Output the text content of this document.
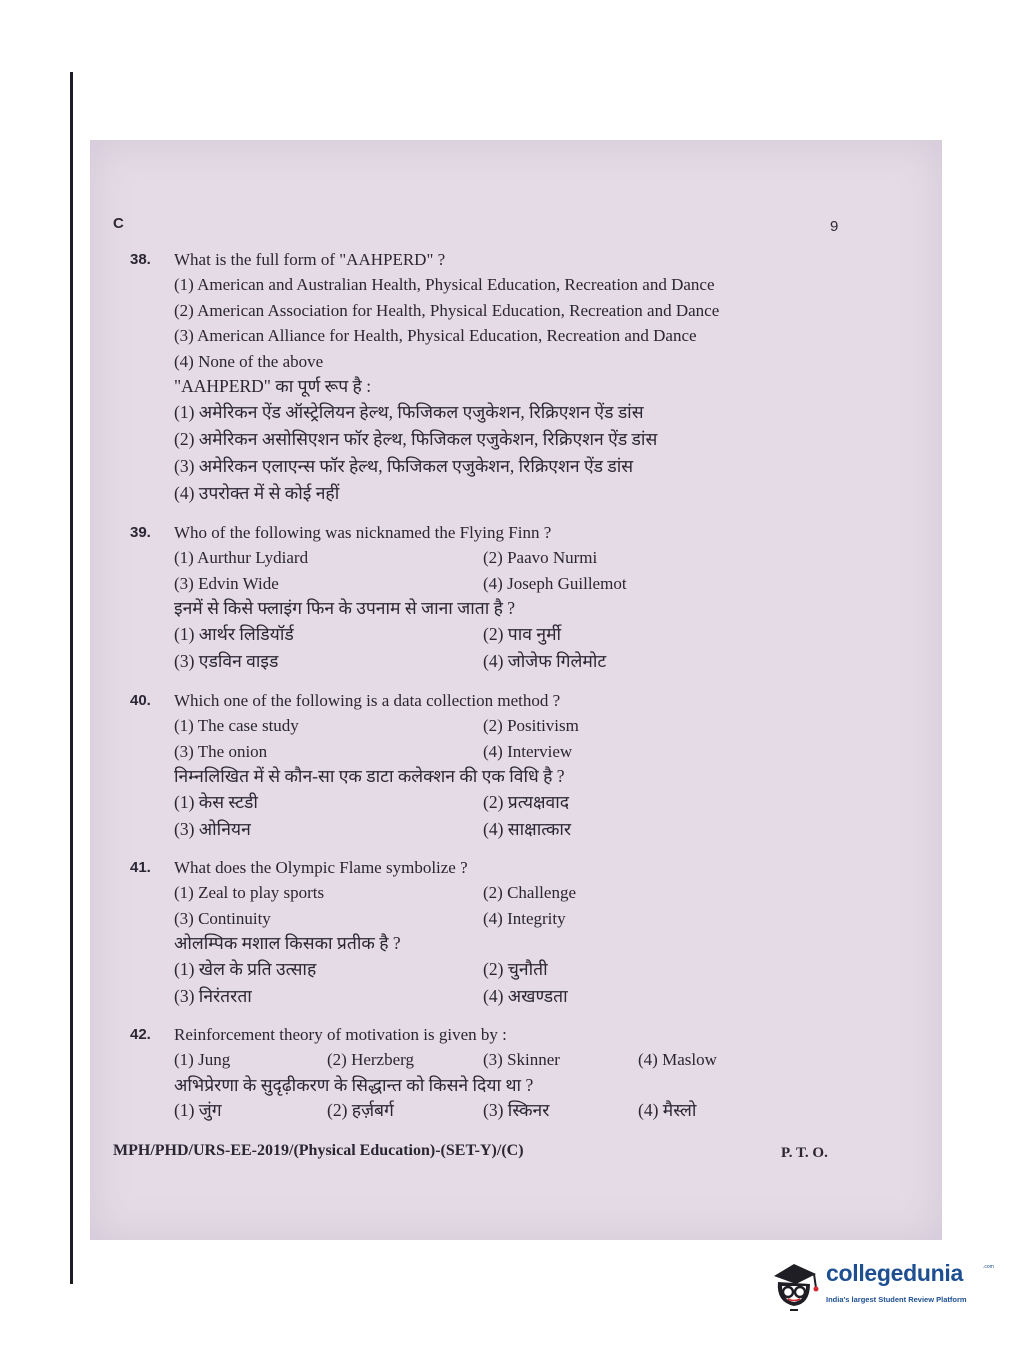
C	9
38.	What is the full form of "AAHPERD" ?
(1) American and Australian Health, Physical Education, Recreation and Dance
(2) American Association for Health, Physical Education, Recreation and Dance
(3) American Alliance for Health, Physical Education, Recreation and Dance
(4) None of the above
"AAHPERD" का पूर्ण रूप है :
(1) अमेरिकन ऐंड ऑस्ट्रेलियन हेल्थ, फिजिकल एजुकेशन, रिक्रिएशन ऐंड डांस
(2) अमेरिकन असोसिएशन फॉर हेल्थ, फिजिकल एजुकेशन, रिक्रिएशन ऐंड डांस
(3) अमेरिकन एलाएन्स फॉर हेल्थ, फिजिकल एजुकेशन, रिक्रिएशन ऐंड डांस
(4) उपरोक्त में से कोई नहीं
39.	Who of the following was nicknamed the Flying Finn ?
(1) Aurthur Lydiard	(2) Paavo Nurmi
(3) Edvin Wide	(4) Joseph Guillemot
इनमें से किसे फ्लाइंग फिन के उपनाम से जाना जाता है ?
(1) आर्थर लिडियॉर्ड	(2) पाव नुर्मी
(3) एडविन वाइड	(4) जोजेफ गिलेमोट
40.	Which one of the following is a data collection method ?
(1) The case study	(2) Positivism
(3) The onion	(4) Interview
निम्नलिखित में से कौन-सा एक डाटा कलेक्शन की एक विधि है ?
(1) केस स्टडी	(2) प्रत्यक्षवाद
(3) ओनियन	(4) साक्षात्कार
41.	What does the Olympic Flame symbolize ?
(1) Zeal to play sports	(2) Challenge
(3) Continuity	(4) Integrity
ओलम्पिक मशाल किसका प्रतीक है ?
(1) खेल के प्रति उत्साह	(2) चुनौती
(3) निरंतरता	(4) अखण्डता
42.	Reinforcement theory of motivation is given by :
(1) Jung	(2) Herzberg	(3) Skinner	(4) Maslow
अभिप्रेरणा के सुदृढ़ीकरण के सिद्धान्त को किसने दिया था ?
(1) जुंग	(2) हर्ज़बर्ग	(3) स्किनर	(4) मैस्लो
MPH/PHD/URS-EE-2019/(Physical Education)-(SET-Y)/(C)	P. T. O.
collegedunia	.com
India's largest Student Review Platform
